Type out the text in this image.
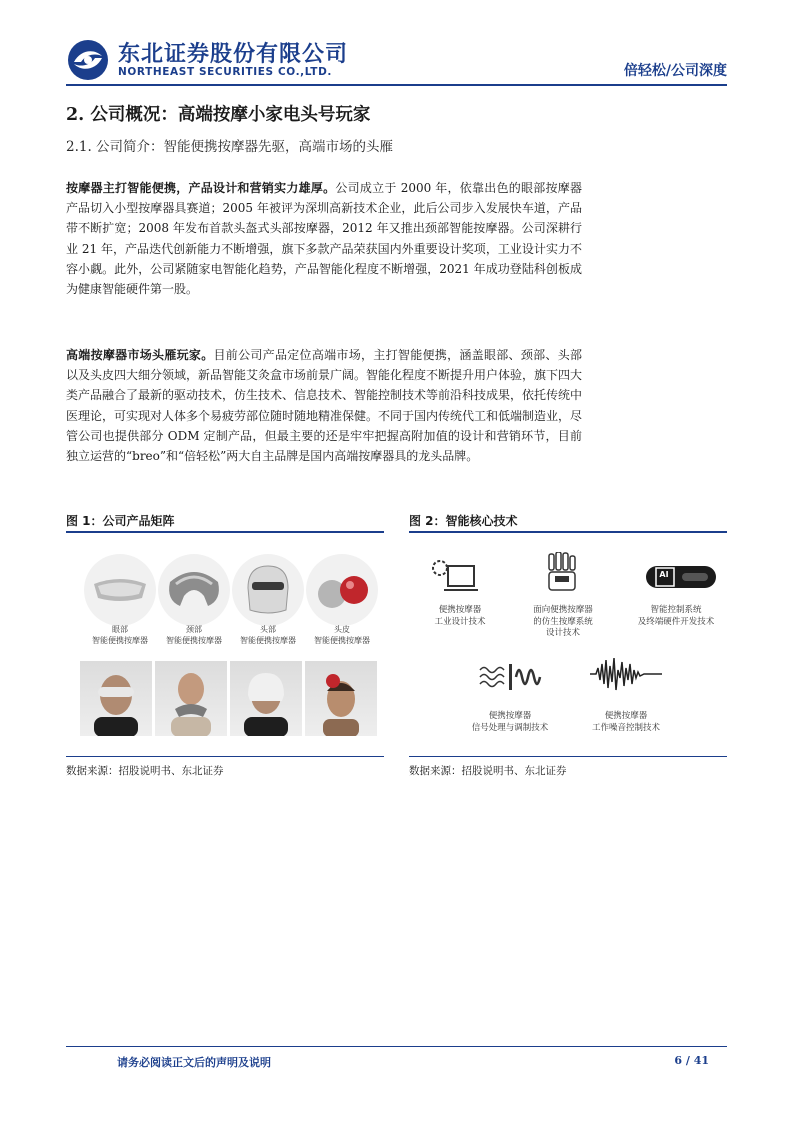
东北证券股份有限公司
NORTHEAST SECURITIES CO.,LTD.	倍轻松/公司深度
2. 公司概况：高端按摩小家电头号玩家
2.1. 公司简介：智能便携按摩器先驱，高端市场的头雁
按摩器主打智能便携，产品设计和营销实力雄厚。公司成立于 2000 年，依靠出色的眼部按摩器产品切入小型按摩器具赛道；2005 年被评为深圳高新技术企业，此后公司步入发展快车道，产品带不断扩宽；2008 年发布首款头盔式头部按摩器，2012 年又推出颈部智能按摩器。公司深耕行业 21 年，产品迭代创新能力不断增强，旗下多款产品荣获国内外重要设计奖项，工业设计实力不容小觑。此外，公司紧随家电智能化趋势，产品智能化程度不断增强，2021 年成功登陆科创板成为健康智能硬件第一股。
高端按摩器市场头雁玩家。目前公司产品定位高端市场，主打智能便携，涵盖眼部、颈部、头部以及头皮四大细分领域，新品智能艾灸盒市场前景广阔。智能化程度不断提升用户体验，旗下四大类产品融合了最新的驱动技术，仿生技术、信息技术、智能控制技术等前沿科技成果，依托传统中医理论，可实现对人体多个易疲劳部位随时随地精准保健。不同于国内传统代工和低端制造业，尽管公司也提供部分 ODM 定制产品，但最主要的还是牢牢把握高附加值的设计和营销环节，目前独立运营的“breo”和“倍轻松”两大自主品牌是国内高端按摩器具的龙头品牌。
图 1：公司产品矩阵
眼部
智能便携按摩器
颈部
智能便携按摩器
头部
智能便携按摩器
头皮
智能便携按摩器
数据来源：招股说明书、东北证券
图 2：智能核心技术
AI
便携按摩器
工业设计技术
面向便携按摩器
的仿生按摩系统
设计技术
智能控制系统
及终端硬件开发技术
便携按摩器
信号处理与调制技术
便携按摩器
工作噪音控制技术
数据来源：招股说明书、东北证券
请务必阅读正文后的声明及说明	6 / 41
